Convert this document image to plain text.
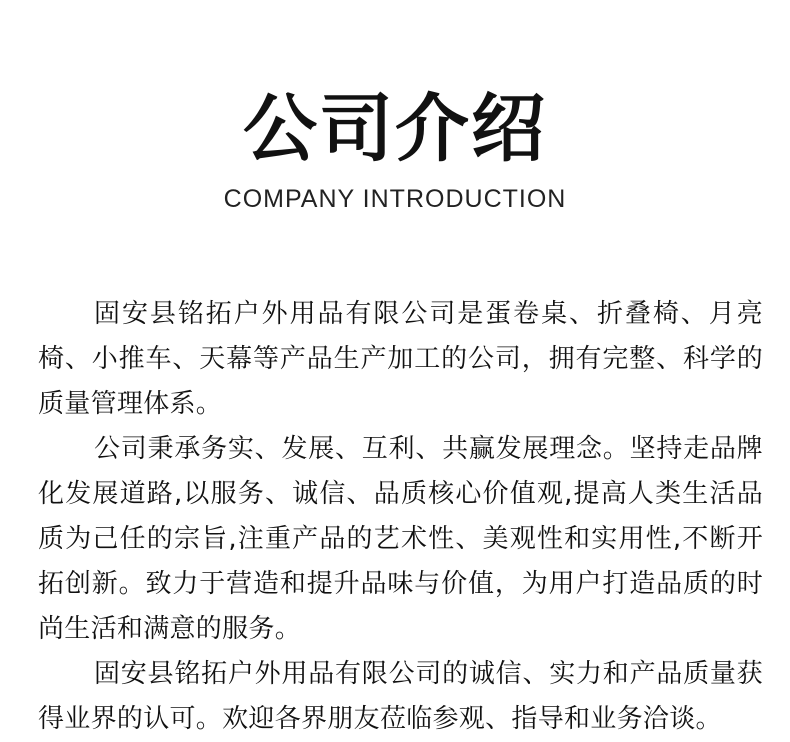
公司介绍
COMPANY INTRODUCTION

固安县铭拓户外用品有限公司是蛋卷桌、折叠椅、月亮椅、小推车、天幕等产品生产加工的公司，拥有完整、科学的质量管理体系。

公司秉承务实、发展、互利、共赢发展理念。坚持走品牌化发展道路,以服务、诚信、品质核心价值观,提高人类生活品质为己任的宗旨,注重产品的艺术性、美观性和实用性,不断开拓创新。致力于营造和提升品味与价值，为用户打造品质的时尚生活和满意的服务。

固安县铭拓户外用品有限公司的诚信、实力和产品质量获得业界的认可。欢迎各界朋友莅临参观、指导和业务洽谈。
